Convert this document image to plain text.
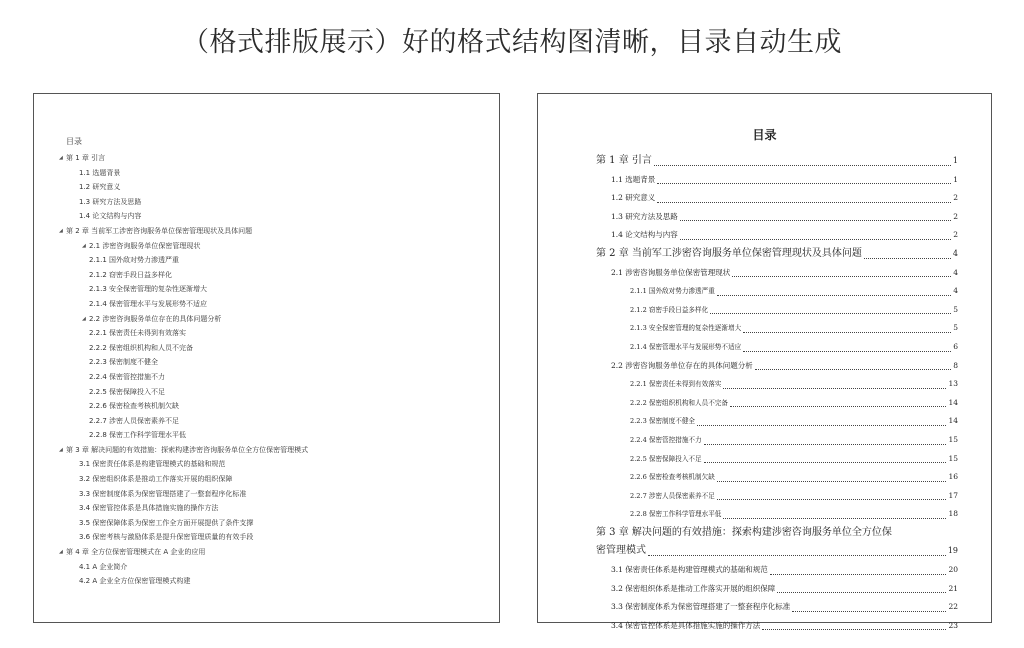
（格式排版展示）好的格式结构图清晰，目录自动生成
目录
◢ 第 1 章 引言
1.1 选题背景
1.2 研究意义
1.3 研究方法及思路
1.4 论文结构与内容
◢ 第 2 章 当前军工涉密咨询服务单位保密管理现状及具体问题
◢ 2.1 涉密咨询服务单位保密管理现状
2.1.1 国外敌对势力渗透严重
2.1.2 窃密手段日益多样化
2.1.3 安全保密管理的复杂性逐渐增大
2.1.4 保密管理水平与发展形势不适应
◢ 2.2 涉密咨询服务单位存在的具体问题分析
2.2.1 保密责任未得到有效落实
2.2.2 保密组织机构和人员不完备
2.2.3 保密制度不健全
2.2.4 保密管控措施不力
2.2.5 保密保障投入不足
2.2.6 保密检查考核机制欠缺
2.2.7 涉密人员保密素养不足
2.2.8 保密工作科学管理水平低
◢ 第 3 章 解决问题的有效措施：探索构建涉密咨询服务单位全方位保密管理模式
3.1 保密责任体系是构建管理模式的基础和规范
3.2 保密组织体系是推动工作落实开展的组织保障
3.3 保密制度体系为保密管理搭建了一整套程序化标准
3.4 保密管控体系是具体措施实施的操作方法
3.5 保密保障体系为保密工作全方面开展提供了条件支撑
3.6 保密考核与激励体系是提升保密管理质量的有效手段
◢ 第 4 章 全方位保密管理模式在 A 企业的应用
4.1 A 企业简介
4.2 A 企业全方位保密管理模式构建
目录
第 1 章 引言	1
1.1 选题背景	1
1.2 研究意义	2
1.3 研究方法及思路	2
1.4 论文结构与内容	2
第 2 章 当前军工涉密咨询服务单位保密管理现状及具体问题	4
2.1 涉密咨询服务单位保密管理现状	4
2.1.1 国外敌对势力渗透严重	4
2.1.2 窃密手段日益多样化	5
2.1.3 安全保密管理的复杂性逐渐增大	5
2.1.4 保密管理水平与发展形势不适应	6
2.2 涉密咨询服务单位存在的具体问题分析	8
2.2.1 保密责任未得到有效落实	13
2.2.2 保密组织机构和人员不完备	14
2.2.3 保密制度不健全	14
2.2.4 保密管控措施不力	15
2.2.5 保密保障投入不足	15
2.2.6 保密检查考核机制欠缺	16
2.2.7 涉密人员保密素养不足	17
2.2.8 保密工作科学管理水平低	18
第 3 章 解决问题的有效措施：探索构建涉密咨询服务单位全方位保
密管理模式	19
3.1 保密责任体系是构建管理模式的基础和规范	20
3.2 保密组织体系是推动工作落实开展的组织保障	21
3.3 保密制度体系为保密管理搭建了一整套程序化标准	22
3.4 保密管控体系是具体措施实施的操作方法	23
